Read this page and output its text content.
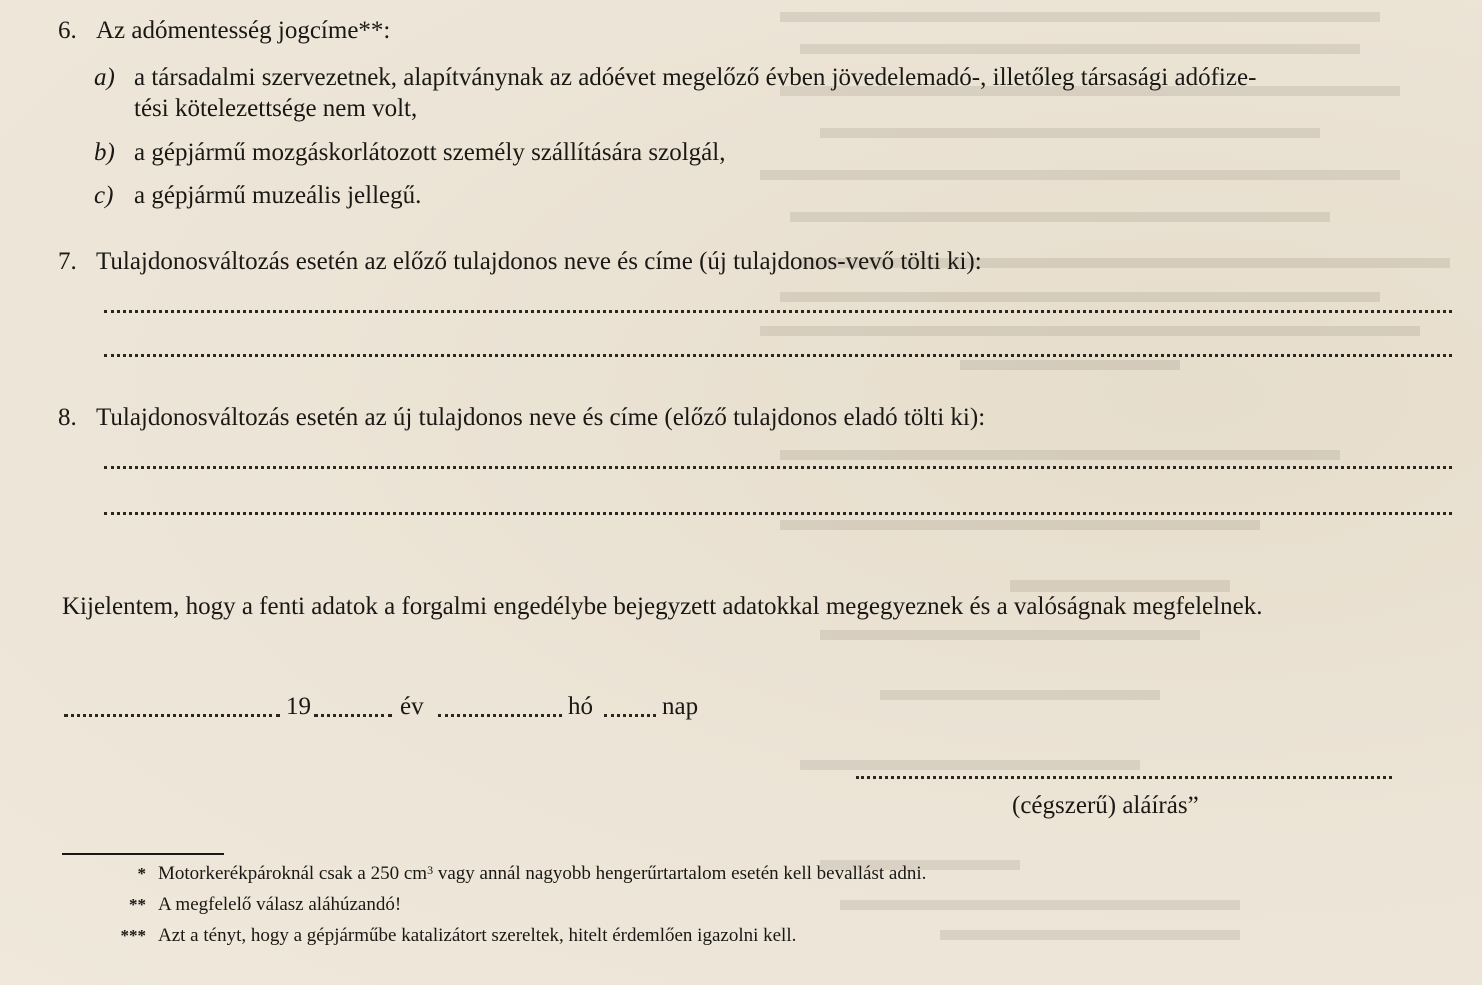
6. Az adómentesség jogcíme**:
a) a társadalmi szervezetnek, alapítványnak az adóévet megelőző évben jövedelemadó-, illetőleg társasági adófize-
tési kötelezettsége nem volt,
b) a gépjármű mozgáskorlátozott személy szállítására szolgál,
c) a gépjármű muzeális jellegű.
7. Tulajdonosváltozás esetén az előző tulajdonos neve és címe (új tulajdonos-vevő tölti ki):
8. Tulajdonosváltozás esetén az új tulajdonos neve és címe (előző tulajdonos eladó tölti ki):
Kijelentem, hogy a fenti adatok a forgalmi engedélybe bejegyzett adatokkal megegyeznek és a valóságnak megfelelnek.
19	év	hó	nap
(cégszerű) aláírás”
* Motorkerékpároknál csak a 250 $cm^3$ vagy annál nagyobb hengerűrtartalom esetén kell bevallást adni.
** A megfelelő válasz aláhúzandó!
*** Azt a tényt, hogy a gépjárműbe katalizátort szereltek, hitelt érdemlően igazolni kell.
